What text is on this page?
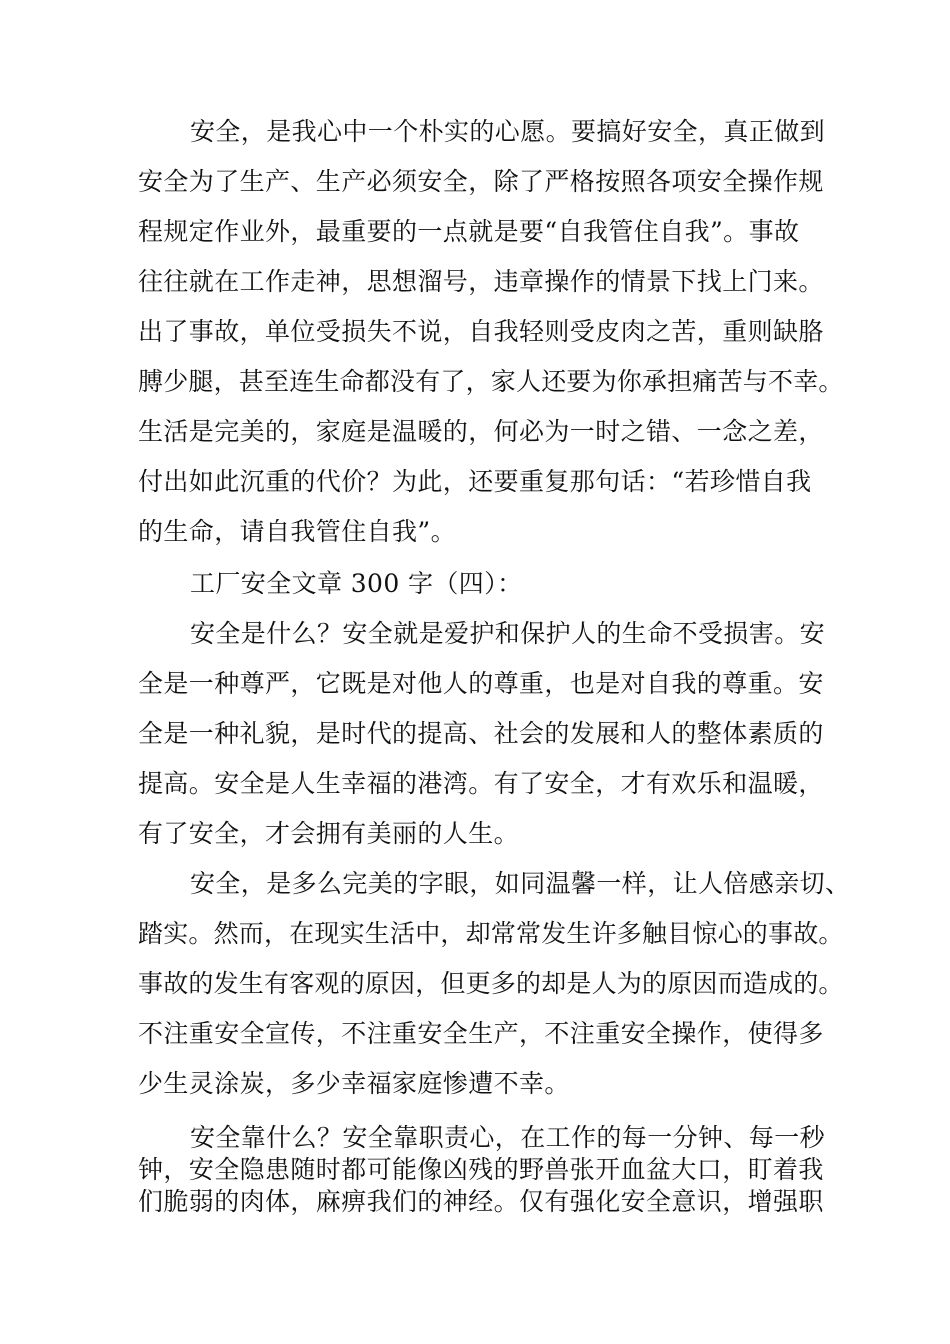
安全，是我心中一个朴实的心愿。要搞好安全，真正做到
安全为了生产、生产必须安全，除了严格按照各项安全操作规
程规定作业外，最重要的一点就是要“自我管住自我”。事故
往往就在工作走神，思想溜号，违章操作的情景下找上门来。
出了事故，单位受损失不说，自我轻则受皮肉之苦，重则缺胳
膊少腿，甚至连生命都没有了，家人还要为你承担痛苦与不幸。
生活是完美的，家庭是温暖的，何必为一时之错、一念之差，
付出如此沉重的代价？为此，还要重复那句话：“若珍惜自我
的生命，请自我管住自我”。
工厂安全文章 300 字（四）：
安全是什么？安全就是爱护和保护人的生命不受损害。安
全是一种尊严，它既是对他人的尊重，也是对自我的尊重。安
全是一种礼貌，是时代的提高、社会的发展和人的整体素质的
提高。安全是人生幸福的港湾。有了安全，才有欢乐和温暖，
有了安全，才会拥有美丽的人生。
安全，是多么完美的字眼，如同温馨一样，让人倍感亲切、
踏实。然而，在现实生活中，却常常发生许多触目惊心的事故。
事故的发生有客观的原因，但更多的却是人为的原因而造成的。
不注重安全宣传，不注重安全生产，不注重安全操作，使得多
少生灵涂炭，多少幸福家庭惨遭不幸。
安全靠什么？安全靠职责心，在工作的每一分钟、每一秒
钟，安全隐患随时都可能像凶残的野兽张开血盆大口，盯着我
们脆弱的肉体，麻痹我们的神经。仅有强化安全意识，增强职
